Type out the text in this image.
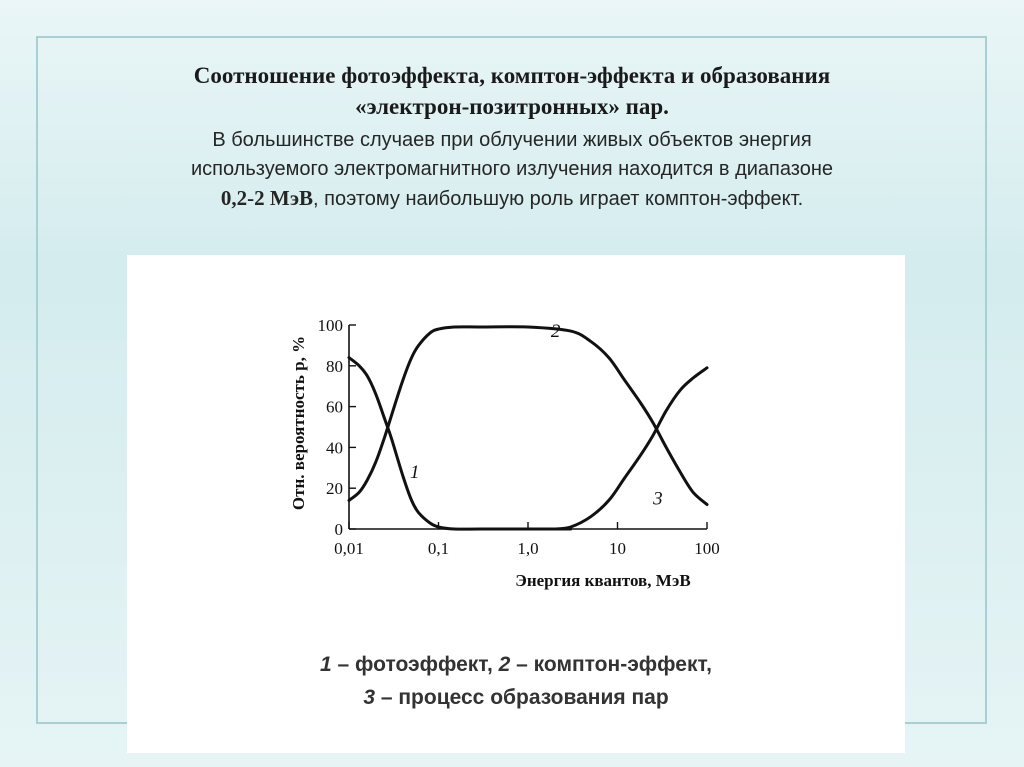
Соотношение фотоэффекта, комптон-эффекта и образования
«электрон-позитронных» пар.
В большинстве случаев при облучении живых объектов энергия
используемого электромагнитного излучения находится в диапазоне
0,2-2 МэВ, поэтому наибольшую роль играет комптон-эффект.
0
20
40
60
80
100
0,01	0,1	1,0	10	100
Энергия квантов, МэВ
Отн. вероятность p, %	1
2
3
1 – фотоэффект, 2 – комптон-эффект,
3 – процесс образования пар
